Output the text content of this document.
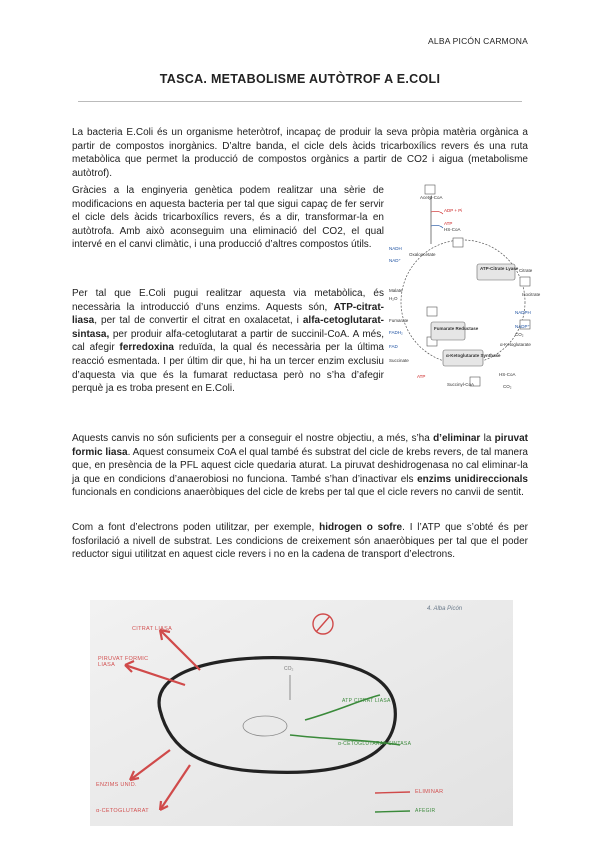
ALBA PICÓN CARMONA
TASCA. METABOLISME AUTÒTROF A E.COLI

La bacteria E.Coli és un organisme heteròtrof, incapaç de produir la seva pròpia matèria orgànica a partir de compostos inorgànics. D’altre banda, el cicle dels àcids tricarboxílics revers és una ruta metabòlica que permet la producció de compostos orgànics a partir de CO2 i aigua (metabolisme autòtrof).

Gràcies a la enginyeria genètica podem realitzar una sèrie de modificacions en aquesta bacteria per tal que sigui capaç de fer servir el cicle dels àcids tricarboxílics revers, és a dir, transformar-la en autòtrofa. Amb això aconseguim una eliminació del CO2, el qual intervé en el canvi climàtic, i una producció d’altres compostos útils.

Per tal que E.Coli pugui realitzar aquesta via metabòlica, és necessària la introducció d’uns enzims. Aquests són, ATP-citrat-liasa, per tal de convertir el citrat en oxalacetat, i alfa-cetoglutarat-sintasa, per produir alfa-cetoglutarat a partir de succinil-CoA. A més, cal afegir ferredoxina reduïda, la qual és necessària per la última reacció esmentada. I per últim dir que, hi ha un tercer enzim exclusiu d’aquesta via que és la fumarat reductasa però no s’ha d’afegir perquè ja es troba present en E.Coli.

Aquests canvis no són suficients per a conseguir el nostre objectiu, a més, s’ha d’eliminar la piruvat formic liasa. Aquest consumeix CoA el qual també és substrat del cicle de krebs revers, de tal manera que, en presència de la PFL aquest cicle quedaria aturat. La piruvat deshidrogenasa no cal eliminar-la ja que en condicions d’anaerobiosi no funciona. També s’han d’inactivar els enzims unidireccionals funcionals en condicions anaeròbiques del cicle de krebs per tal que el cicle revers no canvii de sentit.

Com a font d’electrons poden utilitzar, per exemple, hidrogen o sofre. I l’ATP que s’obté és per fosforilació a nivell de substrat. Les condicions de creixement són anaeròbiques per tal que el poder reductor sigui utilitzat en aquest cicle revers i no en la cadena de transport d’electrons.

Acetyl-CoA
ADP + Pi
ATP
HS-CoA
Oxaloacetate
ATP-Citrate Lyase Citrate
NADH
NAD⁺
Malate
H₂O
Isocitrate
NADPH
NADP⁺
CO₂
Fumarate
Fumarate Reductase
FADH₂
FAD	α-Ketoglutarate
α-Ketoglutarate Synthase
Succinate
ATP
Succinyl-CoA
HS-CoA
CO₂
CITRAT LIASA
PIRUVAT FORMIC LIASA
ENZIMS UNID.
α-CETOGLUTARAT
ATP CITRAT LIASA
α-CETOGLUTARAT SINTASA
CO₂
ELIMINAR
AFEGIR
4. Alba Picón
